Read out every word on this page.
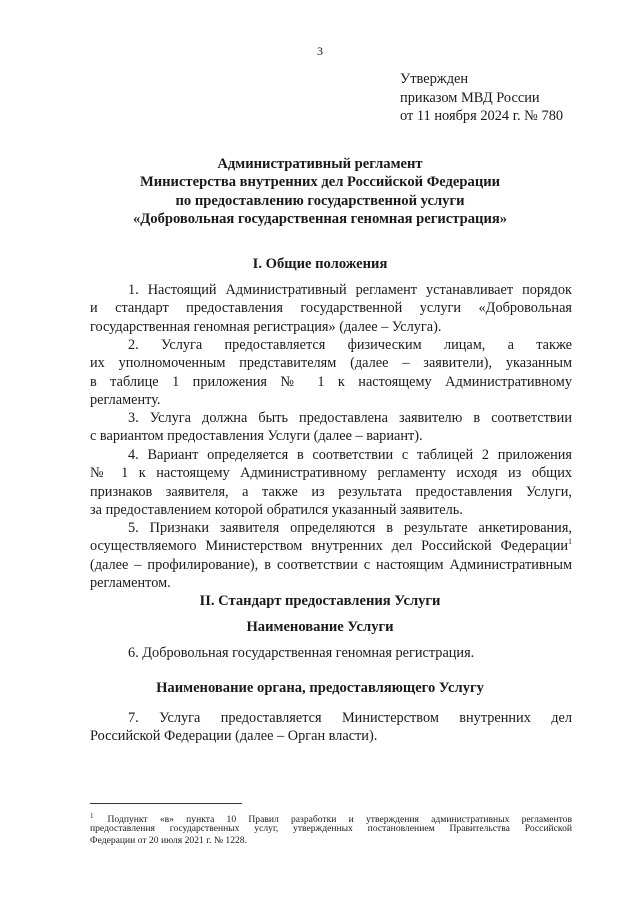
3
Утвержден
приказом МВД России
от 11 ноября 2024 г. № 780
Административный регламент
Министерства внутренних дел Российской Федерации
по предоставлению государственной услуги
«Добровольная государственная геномная регистрация»
I. Общие положения
1. Настоящий Административный регламент устанавливает порядок
и стандарт предоставления государственной услуги «Добровольная
государственная геномная регистрация» (далее – Услуга).
2. Услуга предоставляется физическим лицам, а также
их уполномоченным представителям (далее – заявители), указанным
в таблице 1 приложения № 1 к настоящему Административному
регламенту.
3. Услуга должна быть предоставлена заявителю в соответствии
с вариантом предоставления Услуги (далее – вариант).
4. Вариант определяется в соответствии с таблицей 2 приложения
№ 1 к настоящему Административному регламенту исходя из общих
признаков заявителя, а также из результата предоставления Услуги,
за предоставлением которой обратился указанный заявитель.
5. Признаки заявителя определяются в результате анкетирования,
осуществляемого Министерством внутренних дел Российской Федерации$^1$
(далее – профилирование), в соответствии с настоящим Административным
регламентом.
II. Стандарт предоставления Услуги
Наименование Услуги
6. Добровольная государственная геномная регистрация.
Наименование органа, предоставляющего Услугу
7. Услуга предоставляется Министерством внутренних дел
Российской Федерации (далее – Орган власти).
$^1$ Подпункт «в» пункта 10 Правил разработки и утверждения административных регламентов
предоставления государственных услуг, утвержденных постановлением Правительства Российской
Федерации от 20 июля 2021 г. № 1228.
